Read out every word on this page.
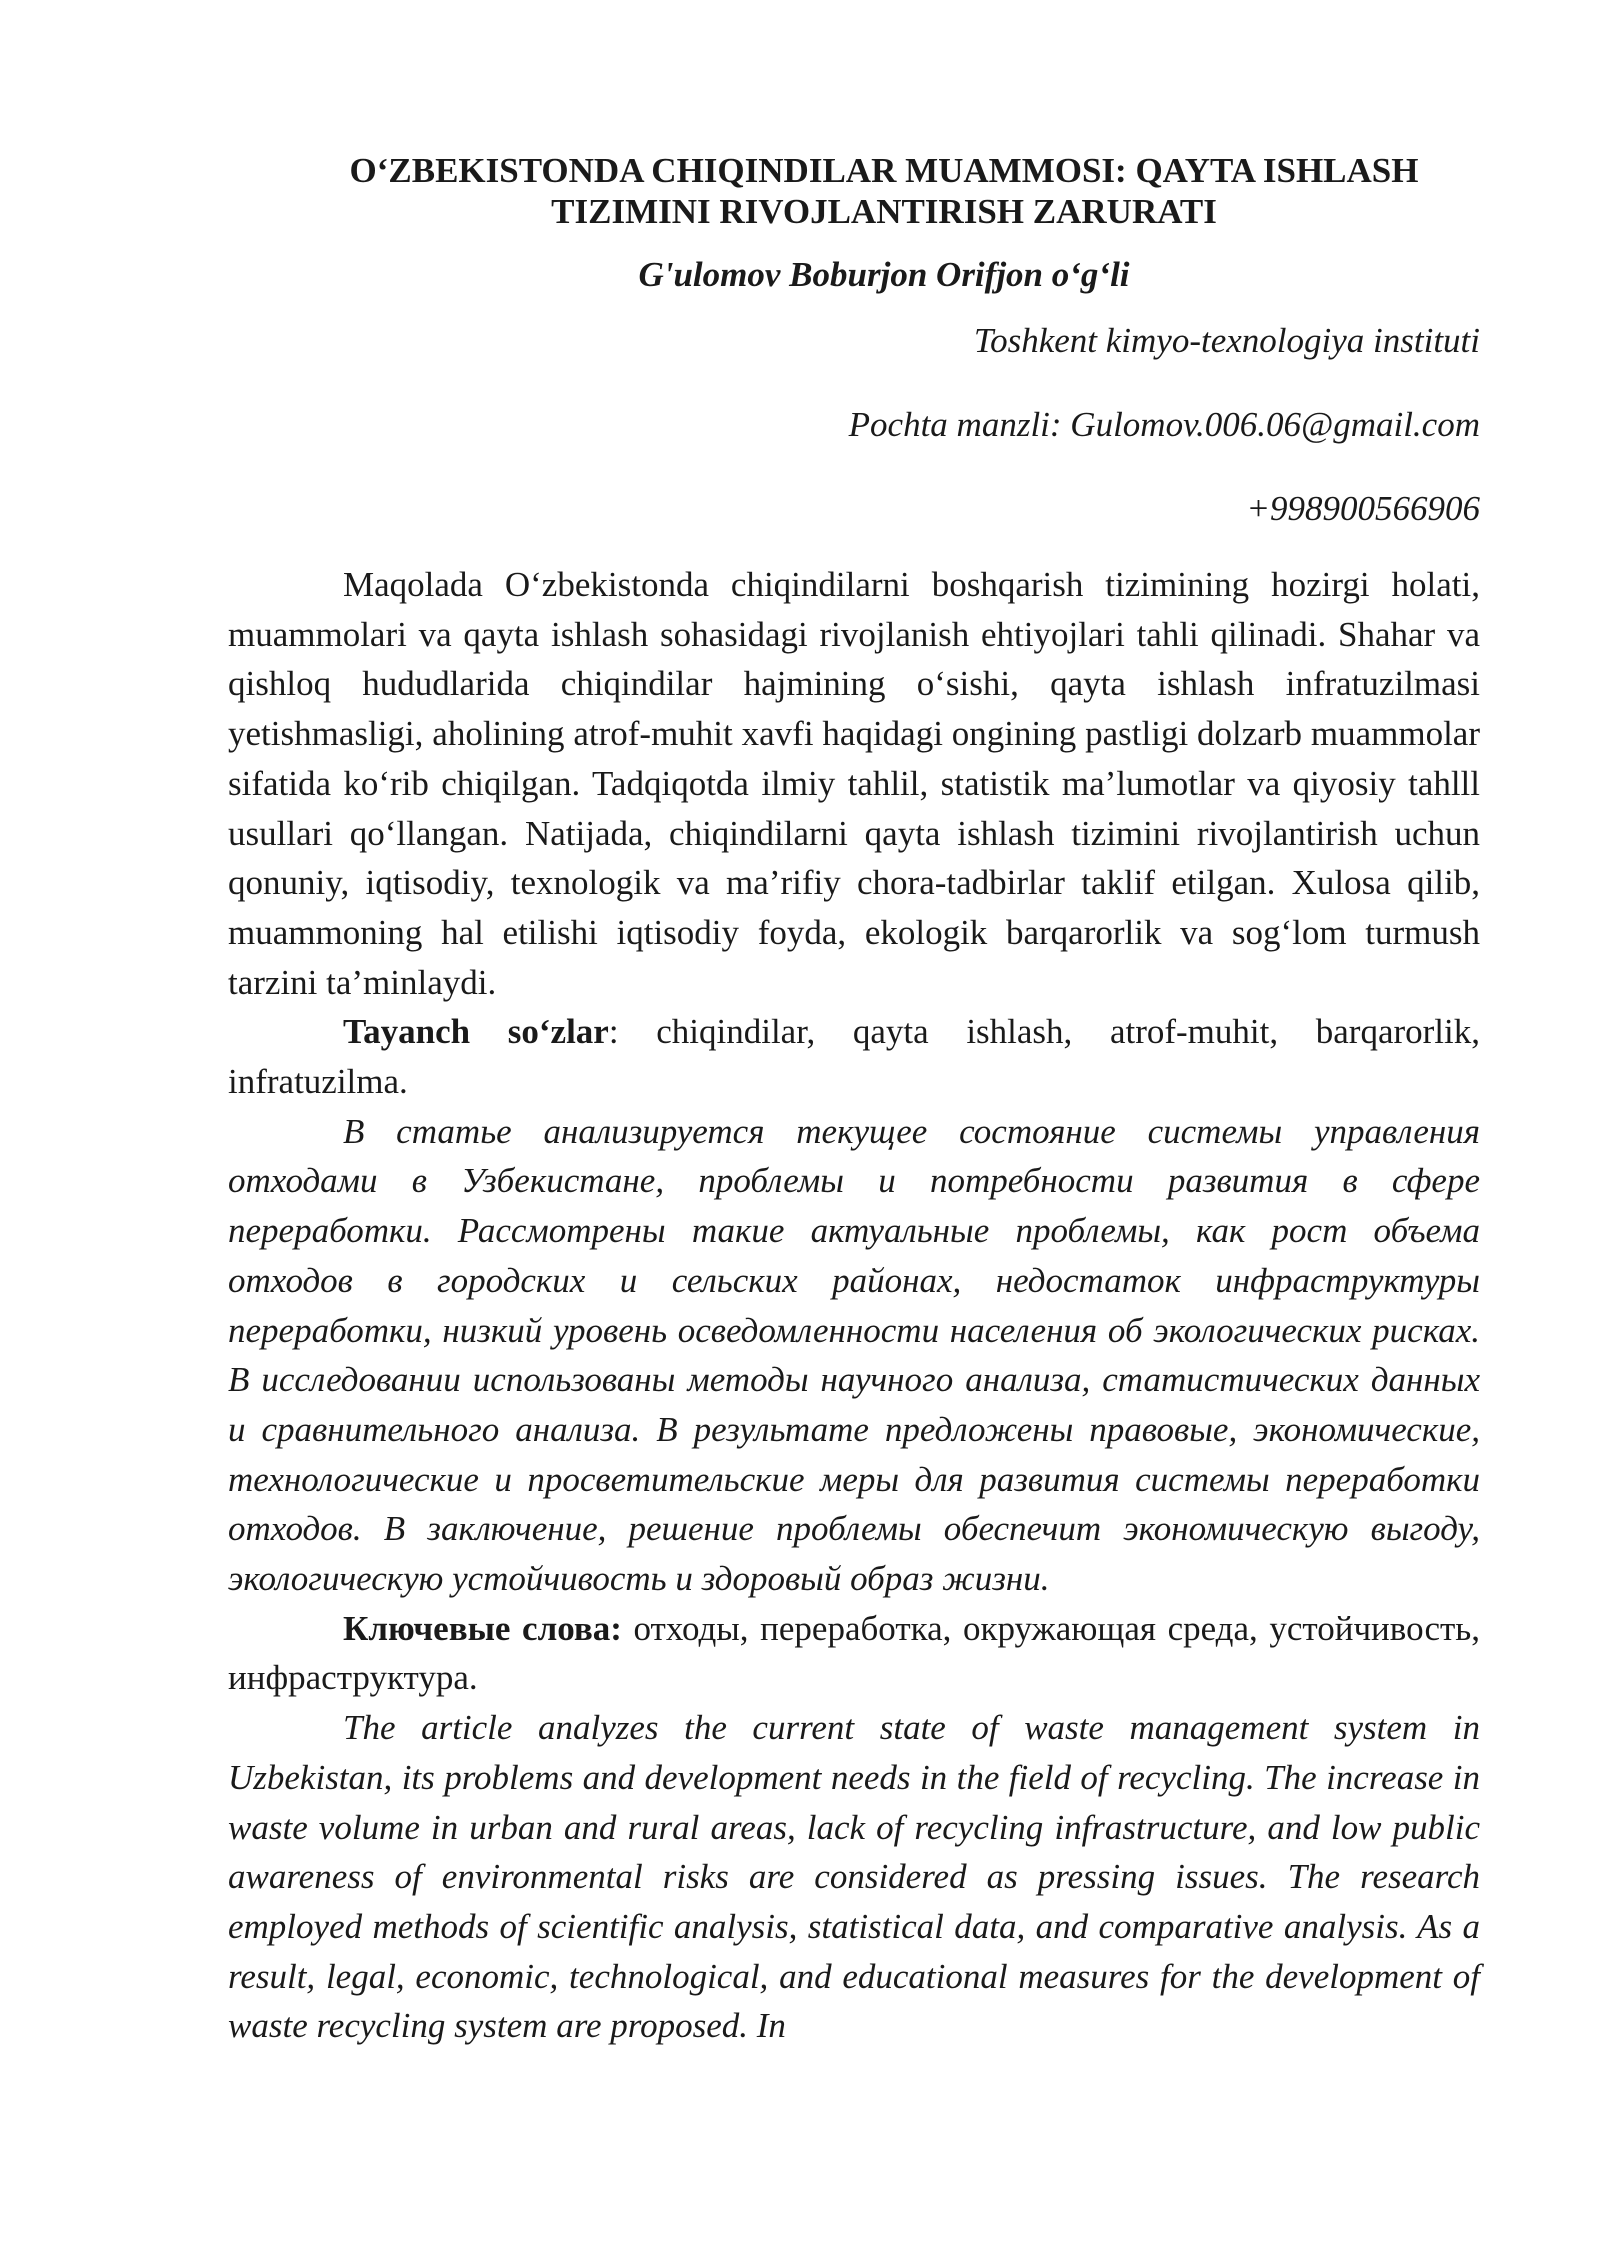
O‘ZBEKISTONDA CHIQINDILAR MUAMMOSI: QAYTA ISHLASH
TIZIMINI RIVOJLANTIRISH ZARURATI
G'ulomov Boburjon Orifjon o‘g‘li
Toshkent kimyo-texnologiya instituti
Pochta manzli: Gulomov.006.06@gmail.com
+998900566906

Maqolada O‘zbekistonda chiqindilarni boshqarish tizimining hozirgi holati, muammolari va qayta ishlash sohasidagi rivojlanish ehtiyojlari tahli qilinadi. Shahar va qishloq hududlarida chiqindilar hajmining o‘sishi, qayta ishlash infratuzilmasi yetishmasligi, aholining atrof-muhit xavfi haqidagi ongining pastligi dolzarb muammolar sifatida ko‘rib chiqilgan. Tadqiqotda ilmiy tahlil, statistik ma’lumotlar va qiyosiy tahlll usullari qo‘llangan. Natijada, chiqindilarni qayta ishlash tizimini rivojlantirish uchun qonuniy, iqtisodiy, texnologik va ma’rifiy chora-tadbirlar taklif etilgan. Xulosa qilib, muammoning hal etilishi iqtisodiy foyda, ekologik barqarorlik va sog‘lom turmush tarzini ta’minlaydi.

Tayanch so‘zlar: chiqindilar, qayta ishlash, atrof-muhit, barqarorlik, infratuzilma.

В статье анализируется текущее состояние системы управления отходами в Узбекистане, проблемы и потребности развития в сфере переработки. Рассмотрены такие актуальные проблемы, как рост объема отходов в городских и сельских районах, недостаток инфраструктуры переработки, низкий уровень осведомленности населения об экологических рисках. В исследовании использованы методы научного анализа, статистических данных и сравнительного анализа. В результате предложены правовые, экономические, технологические и просветительские меры для развития системы переработки отходов. В заключение, решение проблемы обеспечит экономическую выгоду, экологическую устойчивость и здоровый образ жизни.

Ключевые слова: отходы, переработка, окружающая среда, устойчивость, инфраструктура.

The article analyzes the current state of waste management system in Uzbekistan, its problems and development needs in the field of recycling. The increase in waste volume in urban and rural areas, lack of recycling infrastructure, and low public awareness of environmental risks are considered as pressing issues. The research employed methods of scientific analysis, statistical data, and comparative analysis. As a result, legal, economic, technological, and educational measures for the development of waste recycling system are proposed. In
